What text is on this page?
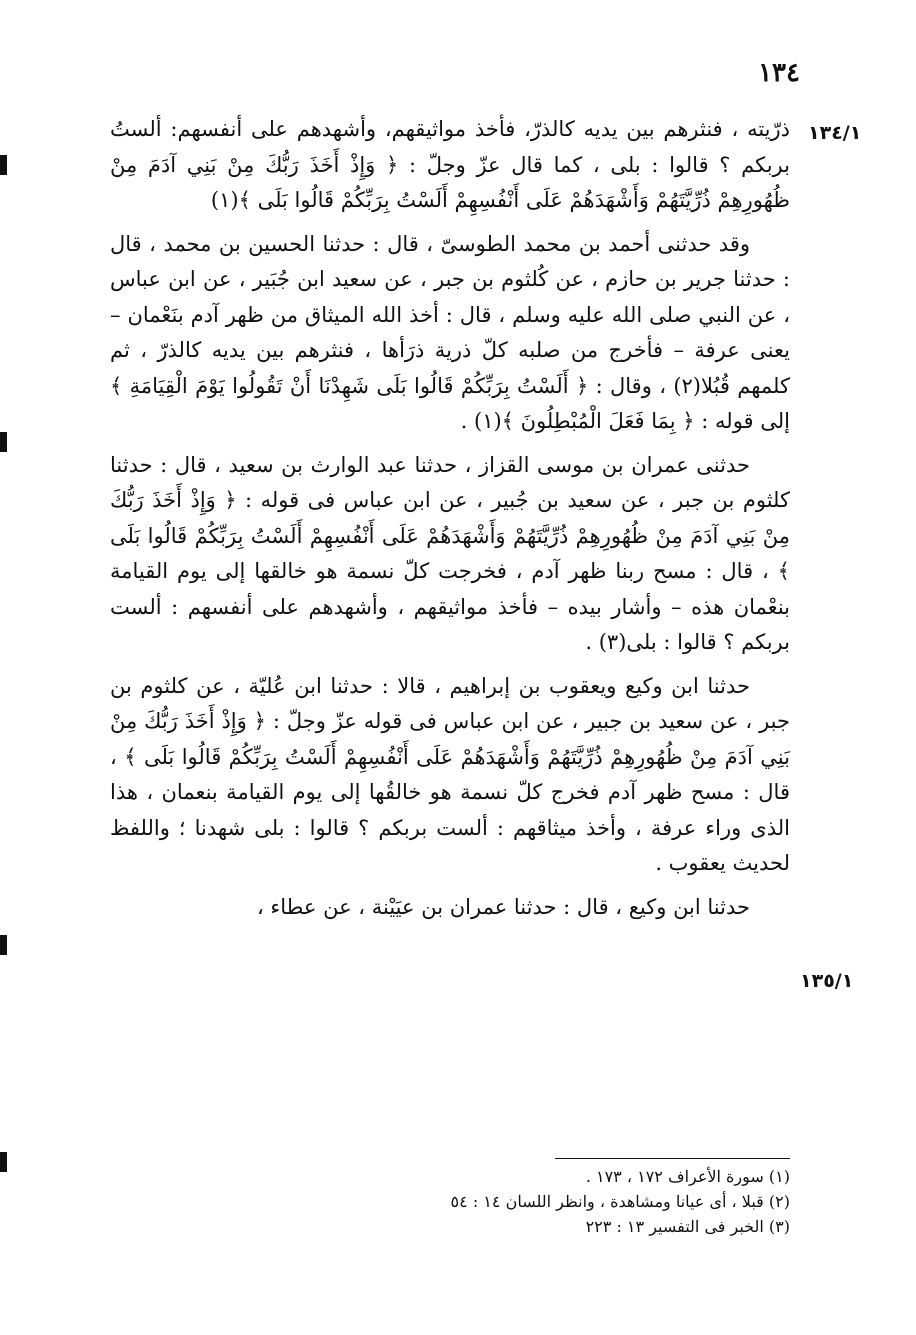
١٣٤
١٣٤/١
١٣٥/١

ذرّيته ، فنثرهم بين يديه كالذرّ، فأخذ مواثيقهم، وأشهدهم على أنفسهم: ألستُ بربكم ؟ قالوا : بلى ، كما قال عزّ وجلّ : ﴿ وَإِذْ أَخَذَ رَبُّكَ مِنْ بَنِي آدَمَ مِنْ ظُهُورِهِمْ ذُرِّيَّتَهُمْ وَأَشْهَدَهُمْ عَلَى أَنْفُسِهِمْ أَلَسْتُ بِرَبِّكُمْ قَالُوا بَلَى ﴾(١)

وقد حدثنى أحمد بن محمد الطوسىّ ، قال : حدثنا الحسين بن محمد ، قال : حدثنا جرير بن حازم ، عن كُلثوم بن جبر ، عن سعيد ابن جُبَير ، عن ابن عباس ، عن النبي صلى الله عليه وسلم ، قال : أخذ الله الميثاق من ظهر آدم بنَعْمان – يعنى عرفة – فأخرج من صلبه كلّ ذرية ذرَأها ، فنثرهم بين يديه كالذرّ ، ثم كلمهم قُبُلا(٢) ، وقال : ﴿ أَلَسْتُ بِرَبِّكُمْ قَالُوا بَلَى شَهِدْنَا أَنْ تَقُولُوا يَوْمَ الْقِيَامَةِ ﴾ إلى قوله : ﴿ بِمَا فَعَلَ الْمُبْطِلُونَ ﴾(١) .

حدثنى عمران بن موسى القزاز ، حدثنا عبد الوارث بن سعيد ، قال : حدثنا كلثوم بن جبر ، عن سعيد بن جُبير ، عن ابن عباس فى قوله : ﴿ وَإِذْ أَخَذَ رَبُّكَ مِنْ بَنِي آدَمَ مِنْ ظُهُورِهِمْ ذُرِّيَّتَهُمْ وَأَشْهَدَهُمْ عَلَى أَنْفُسِهِمْ أَلَسْتُ بِرَبِّكُمْ قَالُوا بَلَى ﴾ ، قال : مسح ربنا ظهر آدم ، فخرجت كلّ نسمة هو خالقها إلى يوم القيامة بنعْمان هذه – وأشار بيده – فأخذ مواثيقهم ، وأشهدهم على أنفسهم : ألست بربكم ؟ قالوا : بلى(٣) .

حدثنا ابن وكيع ويعقوب بن إبراهيم ، قالا : حدثنا ابن عُليّة ، عن كلثوم بن جبر ، عن سعيد بن جبير ، عن ابن عباس فى قوله عزّ وجلّ : ﴿ وَإِذْ أَخَذَ رَبُّكَ مِنْ بَنِي آدَمَ مِنْ ظُهُورِهِمْ ذُرِّيَّتَهُمْ وَأَشْهَدَهُمْ عَلَى أَنْفُسِهِمْ أَلَسْتُ بِرَبِّكُمْ قَالُوا بَلَى ﴾ ، قال : مسح ظهر آدم فخرج كلّ نسمة هو خالقُها إلى يوم القيامة بنعمان ، هذا الذى وراء عرفة ، وأخذ ميثاقهم : ألست بربكم ؟ قالوا : بلى شهدنا ؛ واللفظ لحديث يعقوب .

حدثنا ابن وكيع ، قال : حدثنا عمران بن عيَيْنة ، عن عطاء ،

(١) سورة الأعراف ١٧٢ ، ١٧٣ .
(٢) قبلا ، أى عيانا ومشاهدة ، وانظر اللسان ١٤ : ٥٤
(٣) الخبر فى التفسير ١٣ : ٢٢٣
